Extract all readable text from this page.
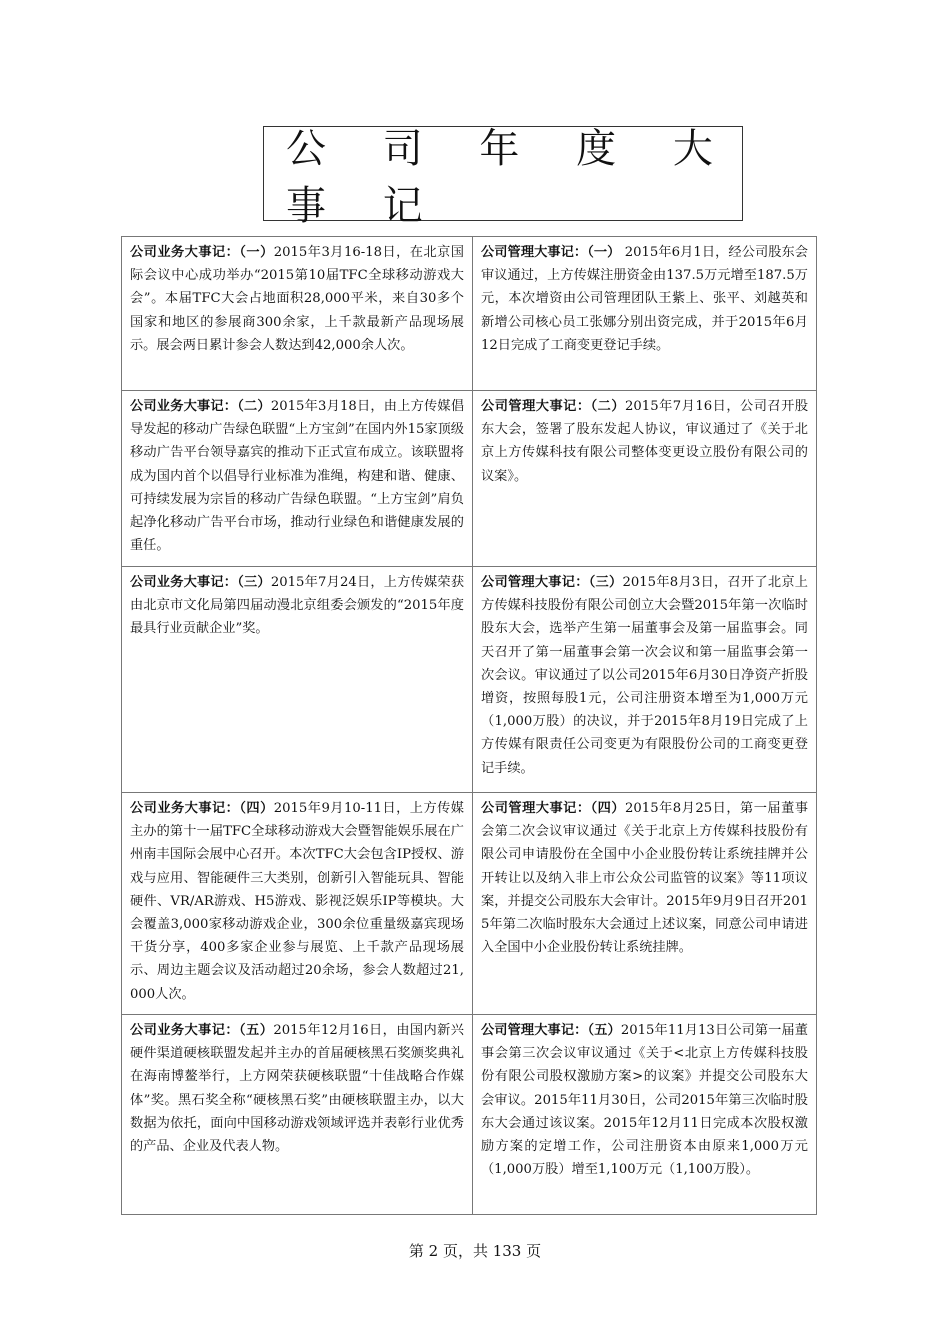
公 司 年 度 大 事 记
公司业务大事记：（一）2015年3月16-18日，在北京国际会议中心成功举办“2015第10届TFC全球移动游戏大会”。本届TFC大会占地面积28,000平米，来自30多个国家和地区的参展商300余家，上千款最新产品现场展示。展会两日累计参会人数达到42,000余人次。	公司管理大事记：（一） 2015年6月1日，经公司股东会审议通过，上方传媒注册资金由137.5万元增至187.5万元，本次增资由公司管理团队王紫上、张平、刘越英和新增公司核心员工张娜分别出资完成，并于2015年6月12日完成了工商变更登记手续。
公司业务大事记：（二）2015年3月18日，由上方传媒倡导发起的移动广告绿色联盟“上方宝剑”在国内外15家顶级移动广告平台领导嘉宾的推动下正式宣布成立。该联盟将成为国内首个以倡导行业标准为准绳，构建和谐、健康、可持续发展为宗旨的移动广告绿色联盟。“上方宝剑”肩负起净化移动广告平台市场，推动行业绿色和谐健康发展的重任。	公司管理大事记：（二）2015年7月16日，公司召开股东大会，签署了股东发起人协议，审议通过了《关于北京上方传媒科技有限公司整体变更设立股份有限公司的议案》。
公司业务大事记：（三）2015年7月24日，上方传媒荣获由北京市文化局第四届动漫北京组委会颁发的“2015年度最具行业贡献企业”奖。	公司管理大事记：（三）2015年8月3日，召开了北京上方传媒科技股份有限公司创立大会暨2015年第一次临时股东大会，选举产生第一届董事会及第一届监事会。同天召开了第一届董事会第一次会议和第一届监事会第一次会议。审议通过了以公司2015年6月30日净资产折股增资，按照每股1元，公司注册资本增至为1,000万元（1,000万股）的决议，并于2015年8月19日完成了上方传媒有限责任公司变更为有限股份公司的工商变更登记手续。
公司业务大事记：（四）2015年9月10-11日，上方传媒主办的第十一届TFC全球移动游戏大会暨智能娱乐展在广州南丰国际会展中心召开。本次TFC大会包含IP授权、游戏与应用、智能硬件三大类别，创新引入智能玩具、智能硬件、VR/AR游戏、H5游戏、影视泛娱乐IP等模块。大会覆盖3,000家移动游戏企业，300余位重量级嘉宾现场干货分享，400多家企业参与展览、上千款产品现场展示、周边主题会议及活动超过20余场，参会人数超过21,000人次。	公司管理大事记：（四）2015年8月25日，第一届董事会第二次会议审议通过《关于北京上方传媒科技股份有限公司申请股份在全国中小企业股份转让系统挂牌并公开转让以及纳入非上市公众公司监管的议案》等11项议案，并提交公司股东大会审计。2015年9月9日召开2015年第二次临时股东大会通过上述议案，同意公司申请进入全国中小企业股份转让系统挂牌。
公司业务大事记：（五）2015年12月16日，由国内新兴硬件渠道硬核联盟发起并主办的首届硬核黑石奖颁奖典礼在海南博鳌举行，上方网荣获硬核联盟“十佳战略合作媒体”奖。黑石奖全称“硬核黑石奖”由硬核联盟主办，以大数据为依托，面向中国移动游戏领域评选并表彰行业优秀的产品、企业及代表人物。	公司管理大事记：（五）2015年11月13日公司第一届董事会第三次会议审议通过《关于<北京上方传媒科技股份有限公司股权激励方案>的议案》并提交公司股东大会审议。2015年11月30日，公司2015年第三次临时股东大会通过该议案。2015年12月11日完成本次股权激励方案的定增工作，公司注册资本由原来1,000万元（1,000万股）增至1,100万元（1,100万股）。
第 2 页，共 133 页
